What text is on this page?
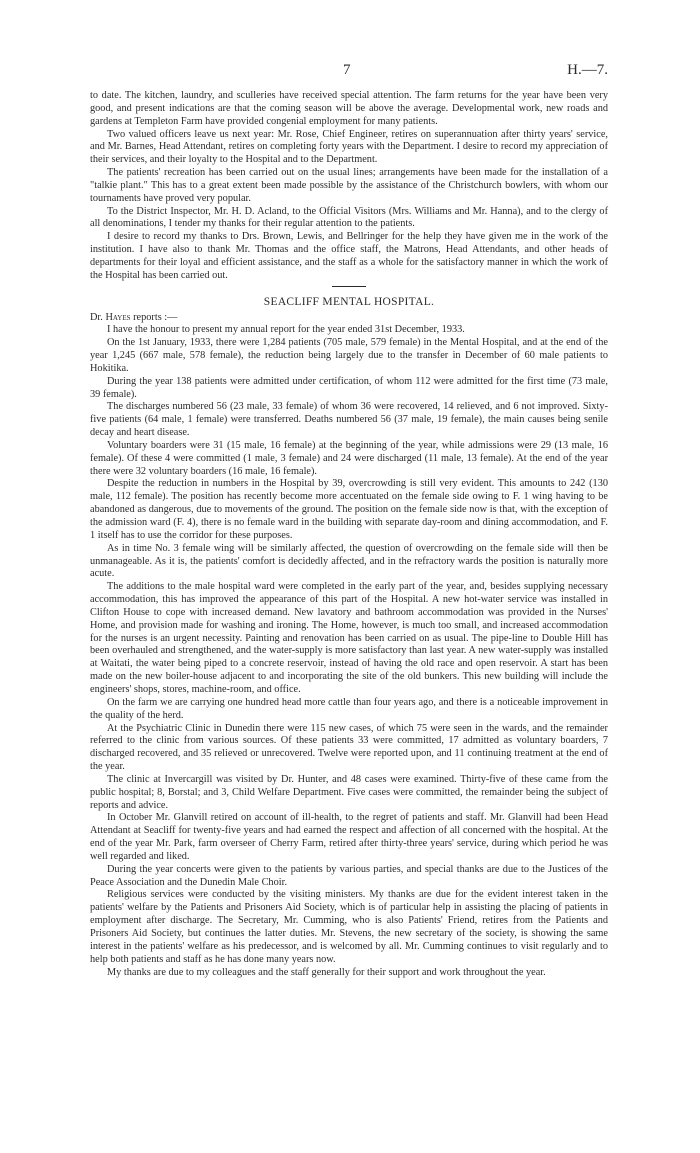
7	H.—7.

to date. The kitchen, laundry, and sculleries have received special attention. The farm returns for the year have been very good, and present indications are that the coming season will be above the average. Developmental work, new roads and gardens at Templeton Farm have provided congenial employment for many patients.

Two valued officers leave us next year: Mr. Rose, Chief Engineer, retires on superannuation after thirty years' service, and Mr. Barnes, Head Attendant, retires on completing forty years with the Department. I desire to record my appreciation of their services, and their loyalty to the Hospital and to the Department.

The patients' recreation has been carried out on the usual lines; arrangements have been made for the installation of a "talkie plant." This has to a great extent been made possible by the assistance of the Christchurch bowlers, with whom our tournaments have proved very popular.

To the District Inspector, Mr. H. D. Acland, to the Official Visitors (Mrs. Williams and Mr. Hanna), and to the clergy of all denominations, I tender my thanks for their regular attention to the patients.

I desire to record my thanks to Drs. Brown, Lewis, and Bellringer for the help they have given me in the work of the institution. I have also to thank Mr. Thomas and the office staff, the Matrons, Head Attendants, and other heads of departments for their loyal and efficient assistance, and the staff as a whole for the satisfactory manner in which the work of the Hospital has been carried out.

SEACLIFF MENTAL HOSPITAL.

Dr. Hayes reports :—

I have the honour to present my annual report for the year ended 31st December, 1933.

On the 1st January, 1933, there were 1,284 patients (705 male, 579 female) in the Mental Hospital, and at the end of the year 1,245 (667 male, 578 female), the reduction being largely due to the transfer in December of 60 male patients to Hokitika.

During the year 138 patients were admitted under certification, of whom 112 were admitted for the first time (73 male, 39 female).

The discharges numbered 56 (23 male, 33 female) of whom 36 were recovered, 14 relieved, and 6 not improved. Sixty-five patients (64 male, 1 female) were transferred. Deaths numbered 56 (37 male, 19 female), the main causes being senile decay and heart disease.

Voluntary boarders were 31 (15 male, 16 female) at the beginning of the year, while admissions were 29 (13 male, 16 female). Of these 4 were committed (1 male, 3 female) and 24 were discharged (11 male, 13 female). At the end of the year there were 32 voluntary boarders (16 male, 16 female).

Despite the reduction in numbers in the Hospital by 39, overcrowding is still very evident. This amounts to 242 (130 male, 112 female). The position has recently become more accentuated on the female side owing to F. 1 wing having to be abandoned as dangerous, due to movements of the ground. The position on the female side now is that, with the exception of the admission ward (F. 4), there is no female ward in the building with separate day-room and dining accommodation, and F. 1 itself has to use the corridor for these purposes.

As in time No. 3 female wing will be similarly affected, the question of overcrowding on the female side will then be unmanageable. As it is, the patients' comfort is decidedly affected, and in the refractory wards the position is naturally more acute.

The additions to the male hospital ward were completed in the early part of the year, and, besides supplying necessary accommodation, this has improved the appearance of this part of the Hospital. A new hot-water service was installed in Clifton House to cope with increased demand. New lavatory and bathroom accommodation was provided in the Nurses' Home, and provision made for washing and ironing. The Home, however, is much too small, and increased accommodation for the nurses is an urgent necessity. Painting and renovation has been carried on as usual. The pipe-line to Double Hill has been overhauled and strengthened, and the water-supply is more satisfactory than last year. A new water-supply was installed at Waitati, the water being piped to a concrete reservoir, instead of having the old race and open reservoir. A start has been made on the new boiler-house adjacent to and incorporating the site of the old bunkers. This new building will include the engineers' shops, stores, machine-room, and office.

On the farm we are carrying one hundred head more cattle than four years ago, and there is a noticeable improvement in the quality of the herd.

At the Psychiatric Clinic in Dunedin there were 115 new cases, of which 75 were seen in the wards, and the remainder referred to the clinic from various sources. Of these patients 33 were committed, 17 admitted as voluntary boarders, 7 discharged recovered, and 35 relieved or unrecovered. Twelve were reported upon, and 11 continuing treatment at the end of the year.

The clinic at Invercargill was visited by Dr. Hunter, and 48 cases were examined. Thirty-five of these came from the public hospital; 8, Borstal; and 3, Child Welfare Department. Five cases were committed, the remainder being the subject of reports and advice.

In October Mr. Glanvill retired on account of ill-health, to the regret of patients and staff. Mr. Glanvill had been Head Attendant at Seacliff for twenty-five years and had earned the respect and affection of all concerned with the hospital. At the end of the year Mr. Park, farm overseer of Cherry Farm, retired after thirty-three years' service, during which period he was well regarded and liked.

During the year concerts were given to the patients by various parties, and special thanks are due to the Justices of the Peace Association and the Dunedin Male Choir.

Religious services were conducted by the visiting ministers. My thanks are due for the evident interest taken in the patients' welfare by the Patients and Prisoners Aid Society, which is of particular help in assisting the placing of patients in employment after discharge. The Secretary, Mr. Cumming, who is also Patients' Friend, retires from the Patients and Prisoners Aid Society, but continues the latter duties. Mr. Stevens, the new secretary of the society, is showing the same interest in the patients' welfare as his predecessor, and is welcomed by all. Mr. Cumming continues to visit regularly and to help both patients and staff as he has done many years now.

My thanks are due to my colleagues and the staff generally for their support and work throughout the year.
